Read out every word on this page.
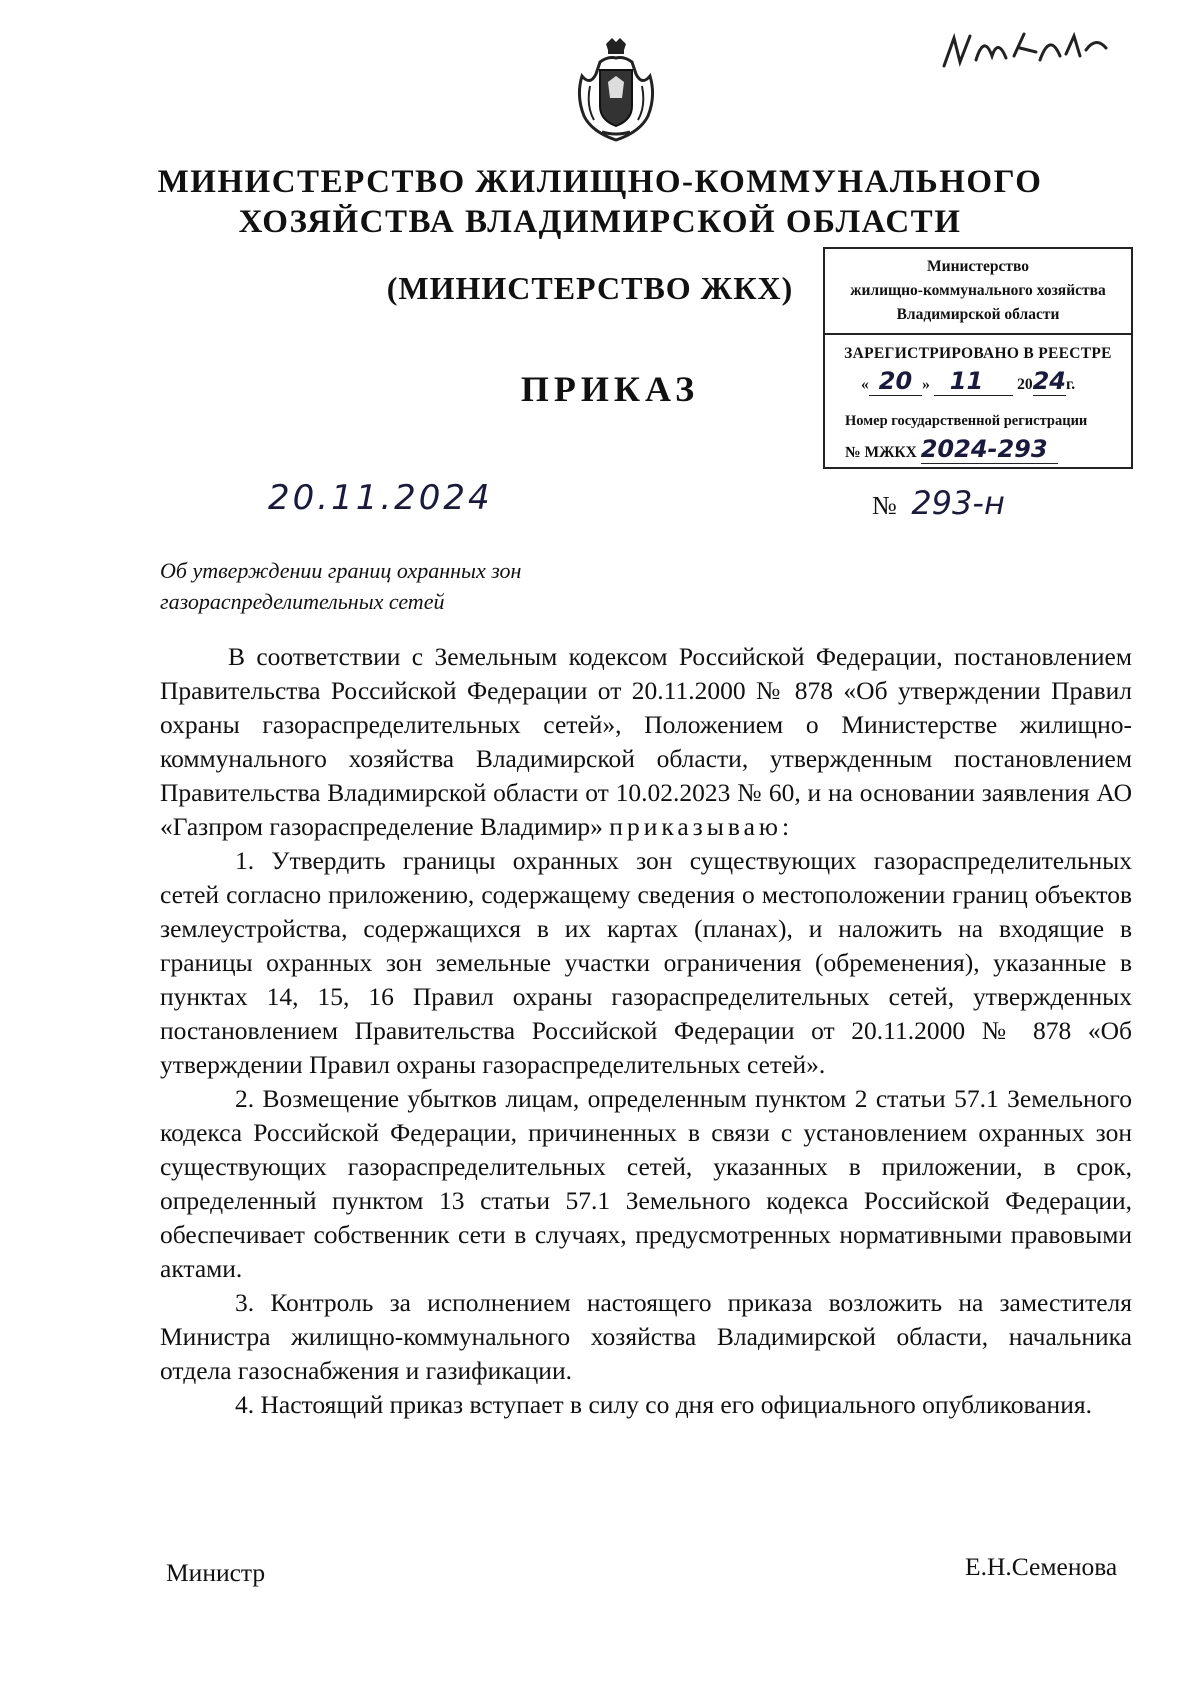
МИНИСТЕРСТВО ЖИЛИЩНО-КОММУНАЛЬНОГО
ХОЗЯЙСТВА ВЛАДИМИРСКОЙ ОБЛАСТИ
(МИНИСТЕРСТВО ЖКХ)
ПРИКАЗ
Министерство
жилищно-коммунального хозяйства
Владимирской области
ЗАРЕГИСТРИРОВАНО В РЕЕСТРЕ
« 20 » 11 2024г.
Номер государственной регистрации
№ МЖКХ 2024-293
20.11.2024	№ 293-н
Об утверждении границ охранных зон
газораспределительных сетей

В соответствии с Земельным кодексом Российской Федерации, постановлением Правительства Российской Федерации от 20.11.2000 № 878 «Об утверждении Правил охраны газораспределительных сетей», Положением о Министерстве жилищно-коммунального хозяйства Владимирской области, утвержденным постановлением Правительства Владимирской области от 10.02.2023 № 60, и на основании заявления АО «Газпром газораспределение Владимир» приказываю:

1. Утвердить границы охранных зон существующих газораспределительных сетей согласно приложению, содержащему сведения о местоположении границ объектов землеустройства, содержащихся в их картах (планах), и наложить на входящие в границы охранных зон земельные участки ограничения (обременения), указанные в пунктах 14, 15, 16 Правил охраны газораспределительных сетей, утвержденных постановлением Правительства Российской Федерации от 20.11.2000 № 878 «Об утверждении Правил охраны газораспределительных сетей».

2. Возмещение убытков лицам, определенным пунктом 2 статьи 57.1 Земельного кодекса Российской Федерации, причиненных в связи с установлением охранных зон существующих газораспределительных сетей, указанных в приложении, в срок, определенный пунктом 13 статьи 57.1 Земельного кодекса Российской Федерации, обеспечивает собственник сети в случаях, предусмотренных нормативными правовыми актами.

3. Контроль за исполнением настоящего приказа возложить на заместителя Министра жилищно-коммунального хозяйства Владимирской области, начальника отдела газоснабжения и газификации.

4. Настоящий приказ вступает в силу со дня его официального опубликования.

Министр	Е.Н.Семенова
